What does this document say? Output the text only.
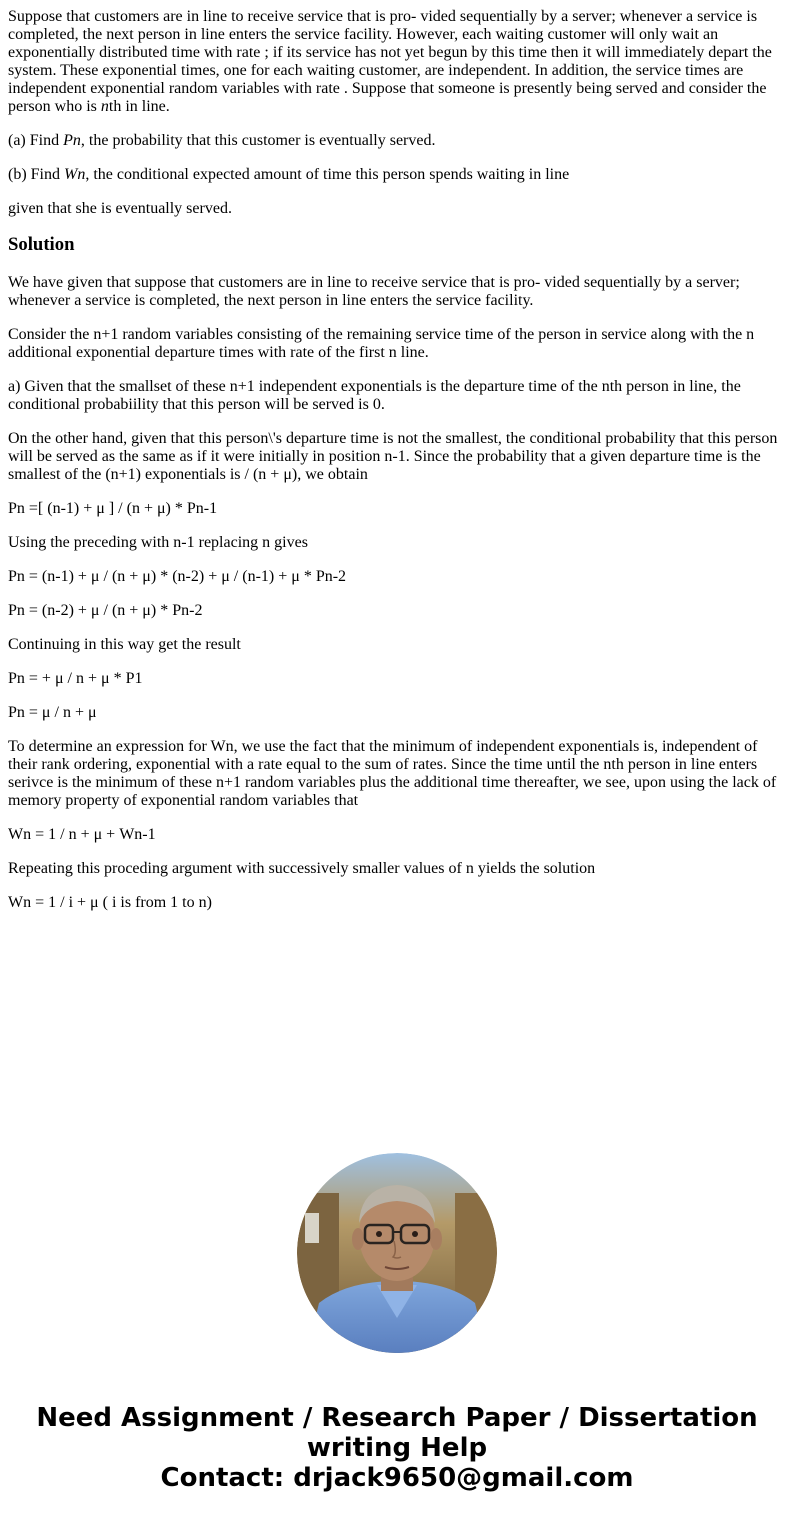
Suppose that customers are in line to receive service that is pro- vided sequentially by a server; whenever a service is completed, the next person in line enters the service facility. However, each waiting customer will only wait an exponentially distributed time with rate ; if its service has not yet begun by this time then it will immediately depart the system. These exponential times, one for each waiting customer, are independent. In addition, the service times are independent exponential random variables with rate . Suppose that someone is presently being served and consider the person who is nth in line.

(a) Find Pn, the probability that this customer is eventually served.

(b) Find Wn, the conditional expected amount of time this person spends waiting in line

given that she is eventually served.

Solution

We have given that suppose that customers are in line to receive service that is pro- vided sequentially by a server; whenever a service is completed, the next person in line enters the service facility.

Consider the n+1 random variables consisting of the remaining service time of the person in service along with the n additional exponential departure times with rate of the first n line.

a) Given that the smallset of these n+1 independent exponentials is the departure time of the nth person in line, the conditional probabiility that this person will be served is 0.

On the other hand, given that this person\'s departure time is not the smallest, the conditional probability that this person will be served as the same as if it were initially in position n-1. Since the probability that a given departure time is the smallest of the (n+1) exponentials is / (n + μ), we obtain

Pn =[ (n-1) + μ ] / (n + μ) * Pn-1

Using the preceding with n-1 replacing n gives

Pn = (n-1) + μ / (n + μ) * (n-2) + μ / (n-1) + μ * Pn-2

Pn = (n-2) + μ / (n + μ) * Pn-2

Continuing in this way get the result

Pn = + μ / n + μ * P1

Pn = μ / n + μ

To determine an expression for Wn, we use the fact that the minimum of independent exponentials is, independent of their rank ordering, exponential with a rate equal to the sum of rates. Since the time until the nth person in line enters serivce is the minimum of these n+1 random variables plus the additional time thereafter, we see, upon using the lack of memory property of exponential random variables that

Wn = 1 / n + μ + Wn-1

Repeating this proceding argument with successively smaller values of n yields the solution

Wn = 1 / i + μ ( i is from 1 to n)

Need Assignment / Research Paper / Dissertation
writing Help
Contact: drjack9650@gmail.com
